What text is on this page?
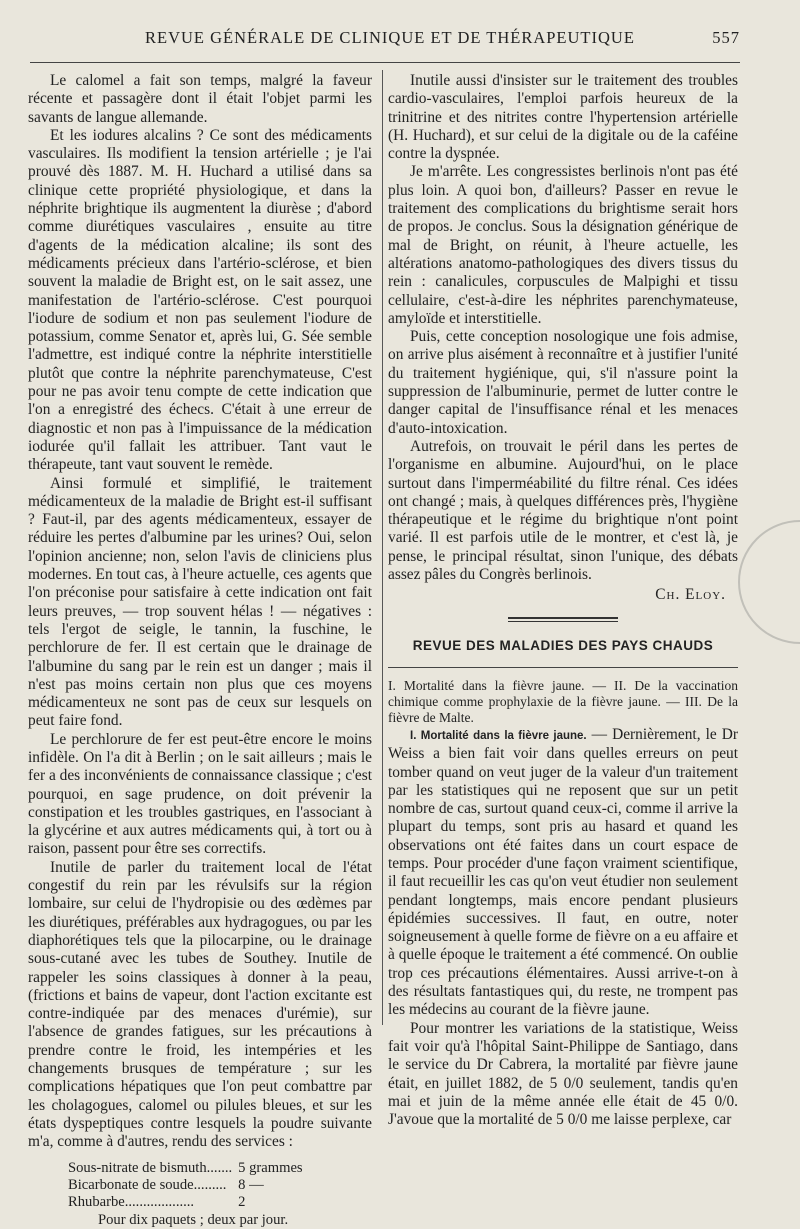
REVUE GÉNÉRALE DE CLINIQUE ET DE THÉRAPEUTIQUE	557

Le calomel a fait son temps, malgré la faveur récente et passagère dont il était l'objet parmi les savants de langue allemande.

Et les iodures alcalins ? Ce sont des médicaments vasculaires. Ils modifient la tension artérielle ; je l'ai prouvé dès 1887. M. H. Huchard a utilisé dans sa clinique cette propriété physiologique, et dans la néphrite brightique ils augmentent la diurèse ; d'abord comme diurétiques vasculaires , ensuite au titre d'agents de la médication alcaline; ils sont des médicaments précieux dans l'artério-sclérose, et bien souvent la maladie de Bright est, on le sait assez, une manifestation de l'artério-sclérose. C'est pourquoi l'iodure de sodium et non pas seulement l'iodure de potassium, comme Senator et, après lui, G. Sée semble l'admettre, est indiqué contre la néphrite interstitielle plutôt que contre la néphrite parenchymateuse, C'est pour ne pas avoir tenu compte de cette indication que l'on a enregistré des échecs. C'était à une erreur de diagnostic et non pas à l'impuissance de la médication iodurée qu'il fallait les attribuer. Tant vaut le thérapeute, tant vaut souvent le remède.

Ainsi formulé et simplifié, le traitement médicamenteux de la maladie de Bright est-il suffisant ? Faut-il, par des agents médicamenteux, essayer de réduire les pertes d'albumine par les urines? Oui, selon l'opinion ancienne; non, selon l'avis de cliniciens plus modernes. En tout cas, à l'heure actuelle, ces agents que l'on préconise pour satisfaire à cette indication ont fait leurs preuves, — trop souvent hélas ! — négatives : tels l'ergot de seigle, le tannin, la fuschine, le perchlorure de fer. Il est certain que le drainage de l'albumine du sang par le rein est un danger ; mais il n'est pas moins certain non plus que ces moyens médicamenteux ne sont pas de ceux sur lesquels on peut faire fond.

Le perchlorure de fer est peut-être encore le moins infidèle. On l'a dit à Berlin ; on le sait ailleurs ; mais le fer a des inconvénients de connaissance classique ; c'est pourquoi, en sage prudence, on doit prévenir la constipation et les troubles gastriques, en l'associant à la glycérine et aux autres médicaments qui, à tort ou à raison, passent pour être ses correctifs.

Inutile de parler du traitement local de l'état congestif du rein par les révulsifs sur la région lombaire, sur celui de l'hydropisie ou des œdèmes par les diurétiques, préférables aux hydragogues, ou par les diaphorétiques tels que la pilocarpine, ou le drainage sous-cutané avec les tubes de Southey. Inutile de rappeler les soins classiques à donner à la peau, (frictions et bains de vapeur, dont l'action excitante est contre-indiquée par des menaces d'urémie), sur l'absence de grandes fatigues, sur les précautions à prendre contre le froid, les intempéries et les changements brusques de température ; sur les complications hépatiques que l'on peut combattre par les cholagogues, calomel ou pilules bleues, et sur les états dyspeptiques contre lesquels la poudre suivante m'a, comme à d'autres, rendu des services :

Sous-nitrate de bismuth.......	5 grammes
Bicarbonate de soude.........	8 —
Rhubarbe...................	2
Pour dix paquets ; deux par jour.

Inutile aussi d'insister sur le traitement des troubles cardio-vasculaires, l'emploi parfois heureux de la trinitrine et des nitrites contre l'hypertension artérielle (H. Huchard), et sur celui de la digitale ou de la caféine contre la dyspnée.

Je m'arrête. Les congressistes berlinois n'ont pas été plus loin. A quoi bon, d'ailleurs? Passer en revue le traitement des complications du brightisme serait hors de propos. Je conclus. Sous la désignation générique de mal de Bright, on réunit, à l'heure actuelle, les altérations anatomo-pathologiques des divers tissus du rein : canalicules, corpuscules de Malpighi et tissu cellulaire, c'est-à-dire les néphrites parenchymateuse, amyloïde et interstitielle.

Puis, cette conception nosologique une fois admise, on arrive plus aisément à reconnaître et à justifier l'unité du traitement hygiénique, qui, s'il n'assure point la suppression de l'albuminurie, permet de lutter contre le danger capital de l'insuffisance rénal et les menaces d'auto-intoxication.

Autrefois, on trouvait le péril dans les pertes de l'organisme en albumine. Aujourd'hui, on le place surtout dans l'imperméabilité du filtre rénal. Ces idées ont changé ; mais, à quelques différences près, l'hygiène thérapeutique et le régime du brightique n'ont point varié. Il est parfois utile de le montrer, et c'est là, je pense, le principal résultat, sinon l'unique, des débats assez pâles du Congrès berlinois.

Ch. Eloy.
REVUE DES MALADIES DES PAYS CHAUDS

I. Mortalité dans la fièvre jaune. — II. De la vaccination chimique comme prophylaxie de la fièvre jaune. — III. De la fièvre de Malte.

I. Mortalité dans la fièvre jaune. — Dernièrement, le Dr Weiss a bien fait voir dans quelles erreurs on peut tomber quand on veut juger de la valeur d'un traitement par les statistiques qui ne reposent que sur un petit nombre de cas, surtout quand ceux-ci, comme il arrive la plupart du temps, sont pris au hasard et quand les observations ont été faites dans un court espace de temps. Pour procéder d'une façon vraiment scientifique, il faut recueillir les cas qu'on veut étudier non seulement pendant longtemps, mais encore pendant plusieurs épidémies successives. Il faut, en outre, noter soigneusement à quelle forme de fièvre on a eu affaire et à quelle époque le traitement a été commencé. On oublie trop ces précautions élémentaires. Aussi arrive-t-on à des résultats fantastiques qui, du reste, ne trompent pas les médecins au courant de la fièvre jaune.

Pour montrer les variations de la statistique, Weiss fait voir qu'à l'hôpital Saint-Philippe de Santiago, dans le service du Dr Cabrera, la mortalité par fièvre jaune était, en juillet 1882, de 5 0/0 seulement, tandis qu'en mai et juin de la même année elle était de 45 0/0. J'avoue que la mortalité de 5 0/0 me laisse perplexe, car
